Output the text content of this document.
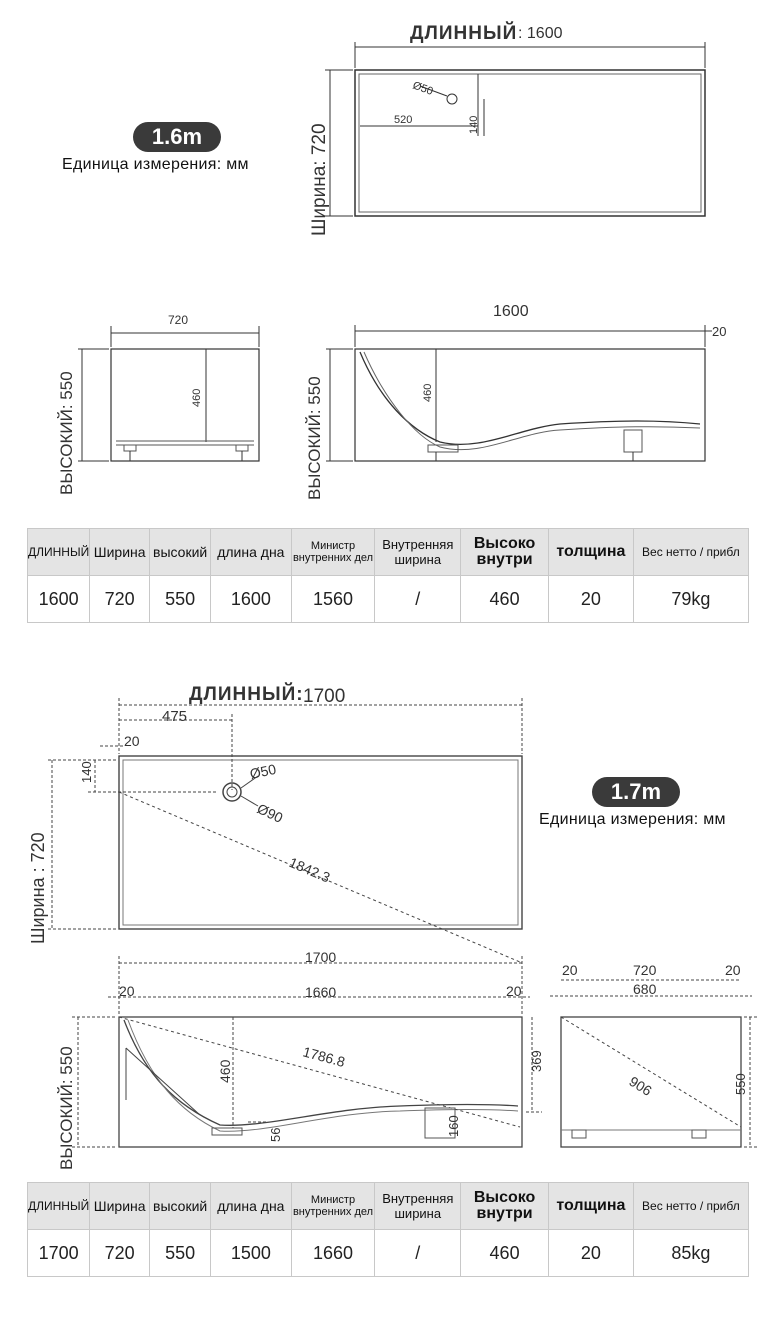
1.6m
Единица измерения: мм
ДЛИННЫЙ : 1600
Ширина: 720
Ø50
520	140
720
ВЫСОКИЙ: 550	460
1600
20
ВЫСОКИЙ: 550	460
ДЛИННЫЙ	Ширина	высокий	длина дна	Министр внутренних дел	Внутренняя ширина	Высоко внутри	толщина	Вес нетто / прибл
1600	720	550	1600	1560	/	460	20	79kg
1.7m
Единица измерения: мм
ДЛИННЫЙ: 1700
475
20
140	Ø50
Ø90
1842.3
Ширина : 720
1700
1660
20	20
1786.8
460
56	160
369
ВЫСОКИЙ: 550
720
680
20	20
906	550
ДЛИННЫЙ	Ширина	высокий	длина дна	Министр внутренних дел	Внутренняя ширина	Высоко внутри	толщина	Вес нетто / прибл
1700	720	550	1500	1660	/	460	20	85kg
